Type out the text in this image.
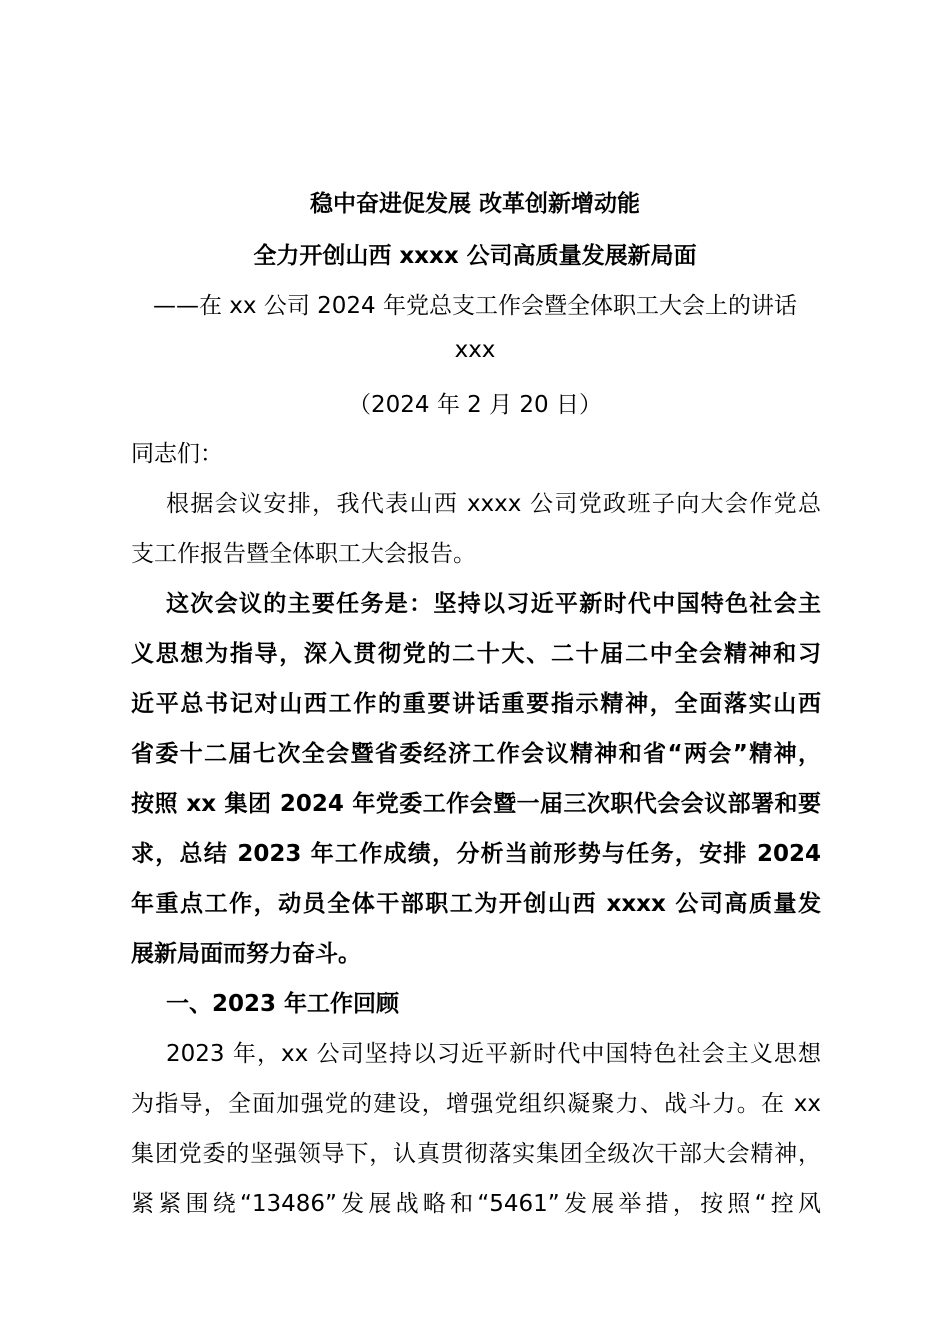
稳中奋进促发展 改革创新增动能
全力开创山西 xxxx 公司高质量发展新局面
——在 xx 公司 2024 年党总支工作会暨全体职工大会上的讲话
xxx
（2024 年 2 月 20 日）
同志们：
根据会议安排，我代表山西 xxxx 公司党政班子向大会作党总
支工作报告暨全体职工大会报告。
这次会议的主要任务是：坚持以习近平新时代中国特色社会主
义思想为指导，深入贯彻党的二十大、二十届二中全会精神和习
近平总书记对山西工作的重要讲话重要指示精神，全面落实山西
省委十二届七次全会暨省委经济工作会议精神和省“两会”精神，
按照 xx 集团 2024 年党委工作会暨一届三次职代会会议部署和要
求，总结 2023 年工作成绩，分析当前形势与任务，安排 2024
年重点工作，动员全体干部职工为开创山西 xxxx 公司高质量发
展新局面而努力奋斗。
一、2023 年工作回顾
2023 年，xx 公司坚持以习近平新时代中国特色社会主义思想
为指导，全面加强党的建设，增强党组织凝聚力、战斗力。在 xx
集团党委的坚强领导下，认真贯彻落实集团全级次干部大会精神，
紧紧围绕“13486”发展战略和“5461”发展举措，按照“控风
